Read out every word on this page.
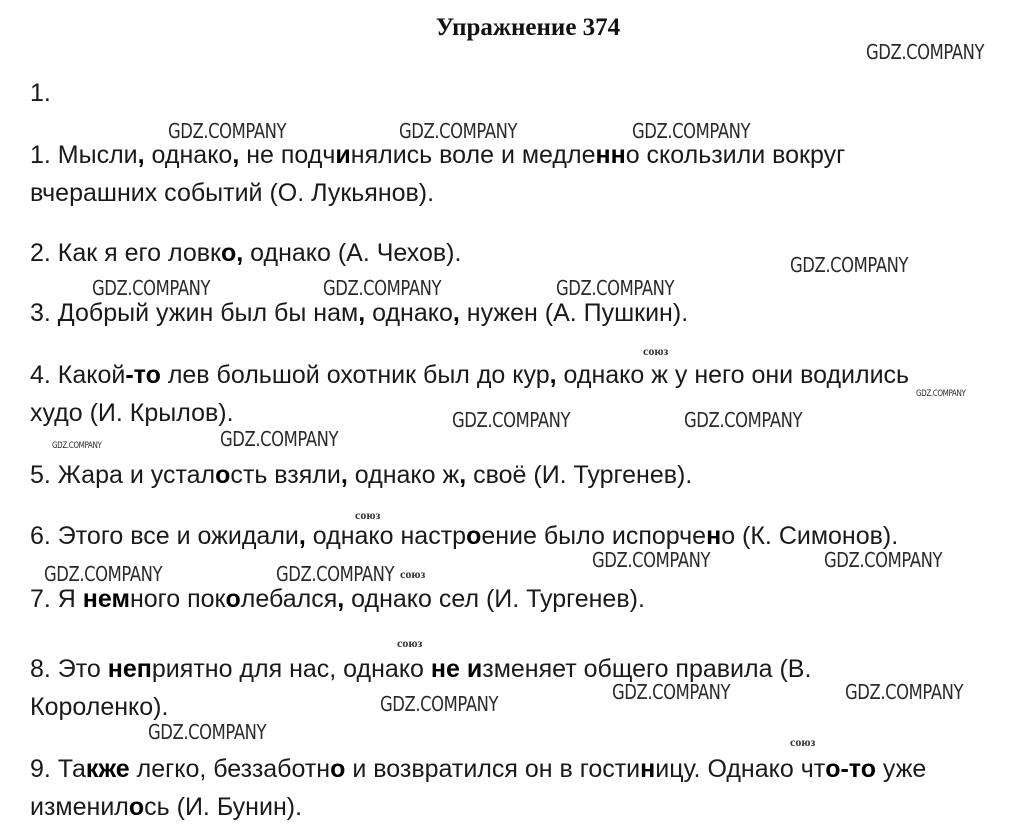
Упражнение 374
1.
1. Мысли, однако, не подчинялись воле и медленно скользили вокруг
вчерашних событий (О. Лукьянов).
2. Как я его ловко, однако (А. Чехов).
3. Добрый ужин был бы нам, однако, нужен (А. Пушкин).
4. Какой-то лев большой охотник был до кур, однако ж у него они водились
худо (И. Крылов).
5. Жара и усталость взяли, однако ж, своё (И. Тургенев).
6. Этого все и ожидали, однако настроение было испорчено (К. Симонов).
7. Я немного поколебался, однако сел (И. Тургенев).
8. Это неприятно для нас, однако не изменяет общего правила (В.
Короленко).
9. Также легко, беззаботно и возвратился он в гостиницу. Однако что-то уже
изменилось (И. Бунин).
GDZ.COMPANY
GDZ.COMPANY	GDZ.COMPANY	GDZ.COMPANY
GDZ.COMPANY
GDZ.COMPANY	GDZ.COMPANY	GDZ.COMPANY
GDZ.COMPANY
GDZ.COMPANY	GDZ.COMPANY
GDZ.COMPANY	GDZ.COMPANY
GDZ.COMPANY	GDZ.COMPANY
GDZ.COMPANY	GDZ.COMPANY
GDZ.COMPANY	GDZ.COMPANY
GDZ.COMPANY
GDZ.COMPANY
союз
союз
союз
союз
союз
